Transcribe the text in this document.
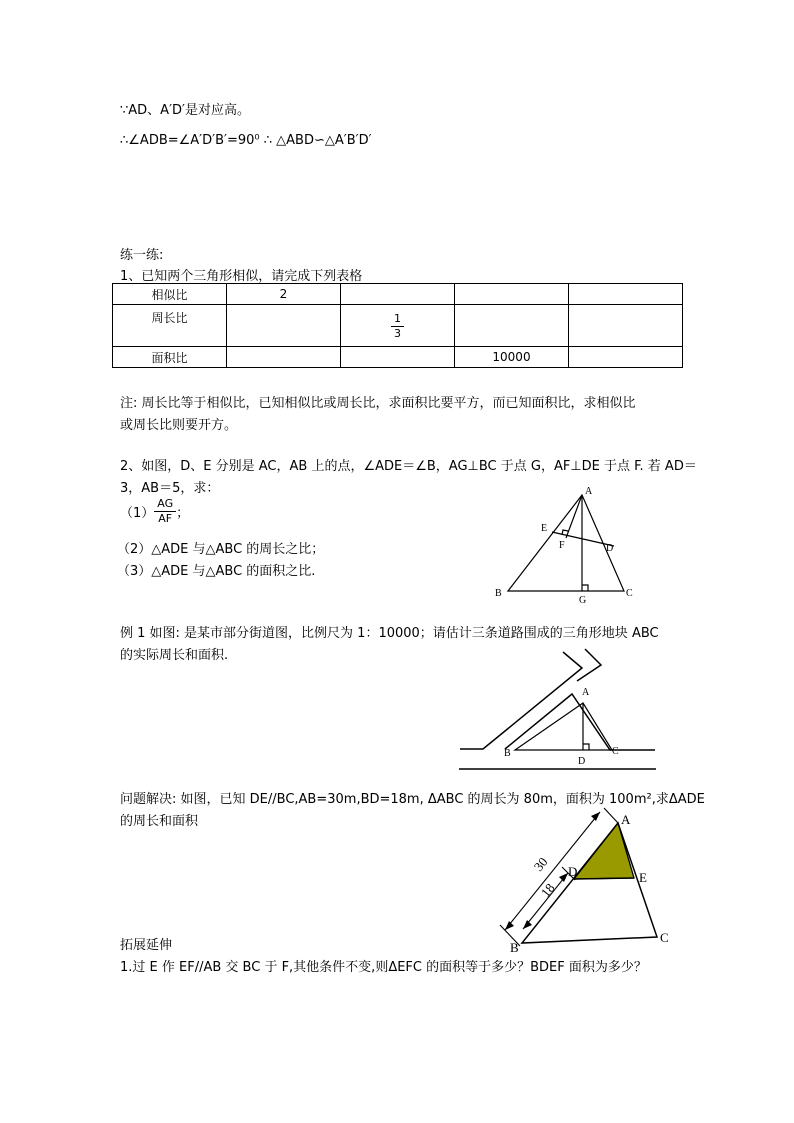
∵AD、A′D′是对应高。
∴∠ADB=∠A′D′B′=90⁰ ∴ △ABD∽△A′B′D′
练一练:
1、已知两个三角形相似，请完成下列表格
相似比	2			
周长比		$\frac{1}{3}$

面积比			10000	
注: 周长比等于相似比，已知相似比或周长比，求面积比要平方，而已知面积比，求相似比
或周长比则要开方。
2、如图，D、E 分别是 AC，AB 上的点，∠ADE＝∠B，AG⊥BC 于点 G，AF⊥DE 于点 F. 若 AD＝
3，AB＝5，求：
$(1) \frac{AG}{AF}$ ；
（2）△ADE 与△ABC 的周长之比；
（3）△ADE 与△ABC 的面积之比.
A
E
F	D
B
G
C
例 1 如图: 是某市部分街道图，比例尺为 1：10000；请估计三条道路围成的三角形地块 ABC
的实际周长和面积.
A
B	C
D
问题解决: 如图，已知 DE//BC,AB=30m,BD=18m, ΔABC 的周长为 80m，面积为 100m²,求ΔADE
的周长和面积	A
D	E
B
C
30
18
拓展延伸
1.过 E 作 EF//AB 交 BC 于 F,其他条件不变,则ΔEFC 的面积等于多少？BDEF 面积为多少？
